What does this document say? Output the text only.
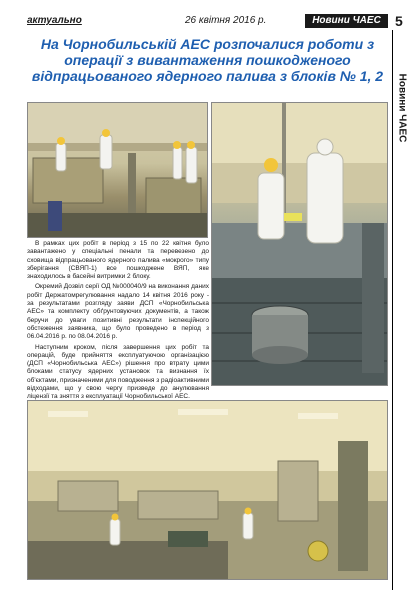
актуально	26 квітня 2016 р.	Новини ЧАЕС	5
Новини ЧАЕС
На Чорнобильській АЕС розпочалися роботи з операції з вивантаження пошкодженого відпрацьованого ядерного палива з блоків № 1, 2

В рамках цих робіт в період з 15 по 22 квітня було завантажено у спеціальні пенали та перевезено до сховища відпрацьованого ядерного палива «мокрого» типу зберігання (СВЯП-1) все пошкоджене ВЯП, яке знаходилось в басейні витримки 2 блоку.

Окремий Дозвіл серії ОД №000040/9 на виконання даних робіт Держатомрегулювання надало 14 квітня 2016 року - за результатами розгляду заяви ДСП «Чорнобильська АЕС» та комплекту обґрунтовуючих документів, а також беручи до уваги позитивні результати інспекційного обстеження заявника, що було проведено в період з 06.04.2016 р. по 08.04.2016 р.

Наступним кроком, після завершення цих робіт та операцій, буде прийняття експлуатуючою організацією (ДСП «Чорнобильська АЕС») рішення про втрату цими блоками статусу ядерних установок та визнання їх об'єктами, призначеними для поводження з радіоактивними відходами, що у свою чергу призведе до анулювання ліцензії та зняття з експлуатації Чорнобильської АЕС.
